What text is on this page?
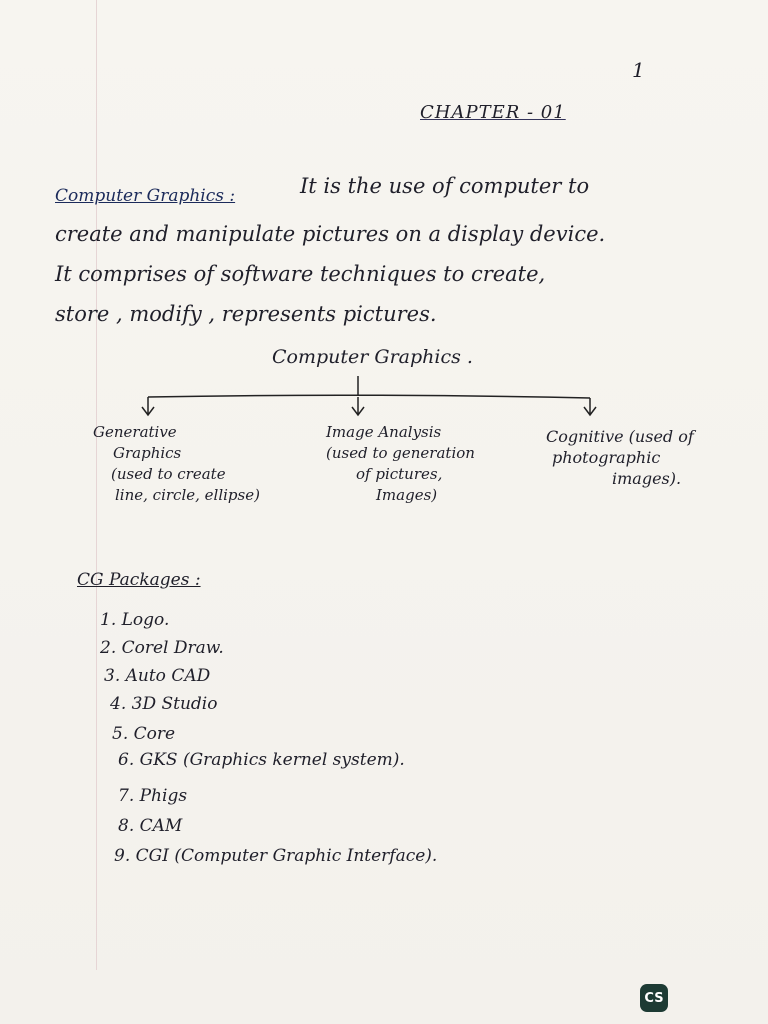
1
CHAPTER - 01
Computer Graphics :	It is the use of computer to
create and manipulate pictures on a display device.
It comprises of software techniques to create,
store , modify , represents pictures.
Computer Graphics .
Generative
Graphics
(used to create
line, circle, ellipse)
Image Analysis
(used to generation
of pictures,
Images)
Cognitive (used of
photographic
images).
CG Packages :
1. Logo.
2. Corel Draw.
3. Auto CAD
4. 3D Studio
5. Core
6. GKS (Graphics kernel system).
7. Phigs
8. CAM
9. CGI (Computer Graphic Interface).
CS
